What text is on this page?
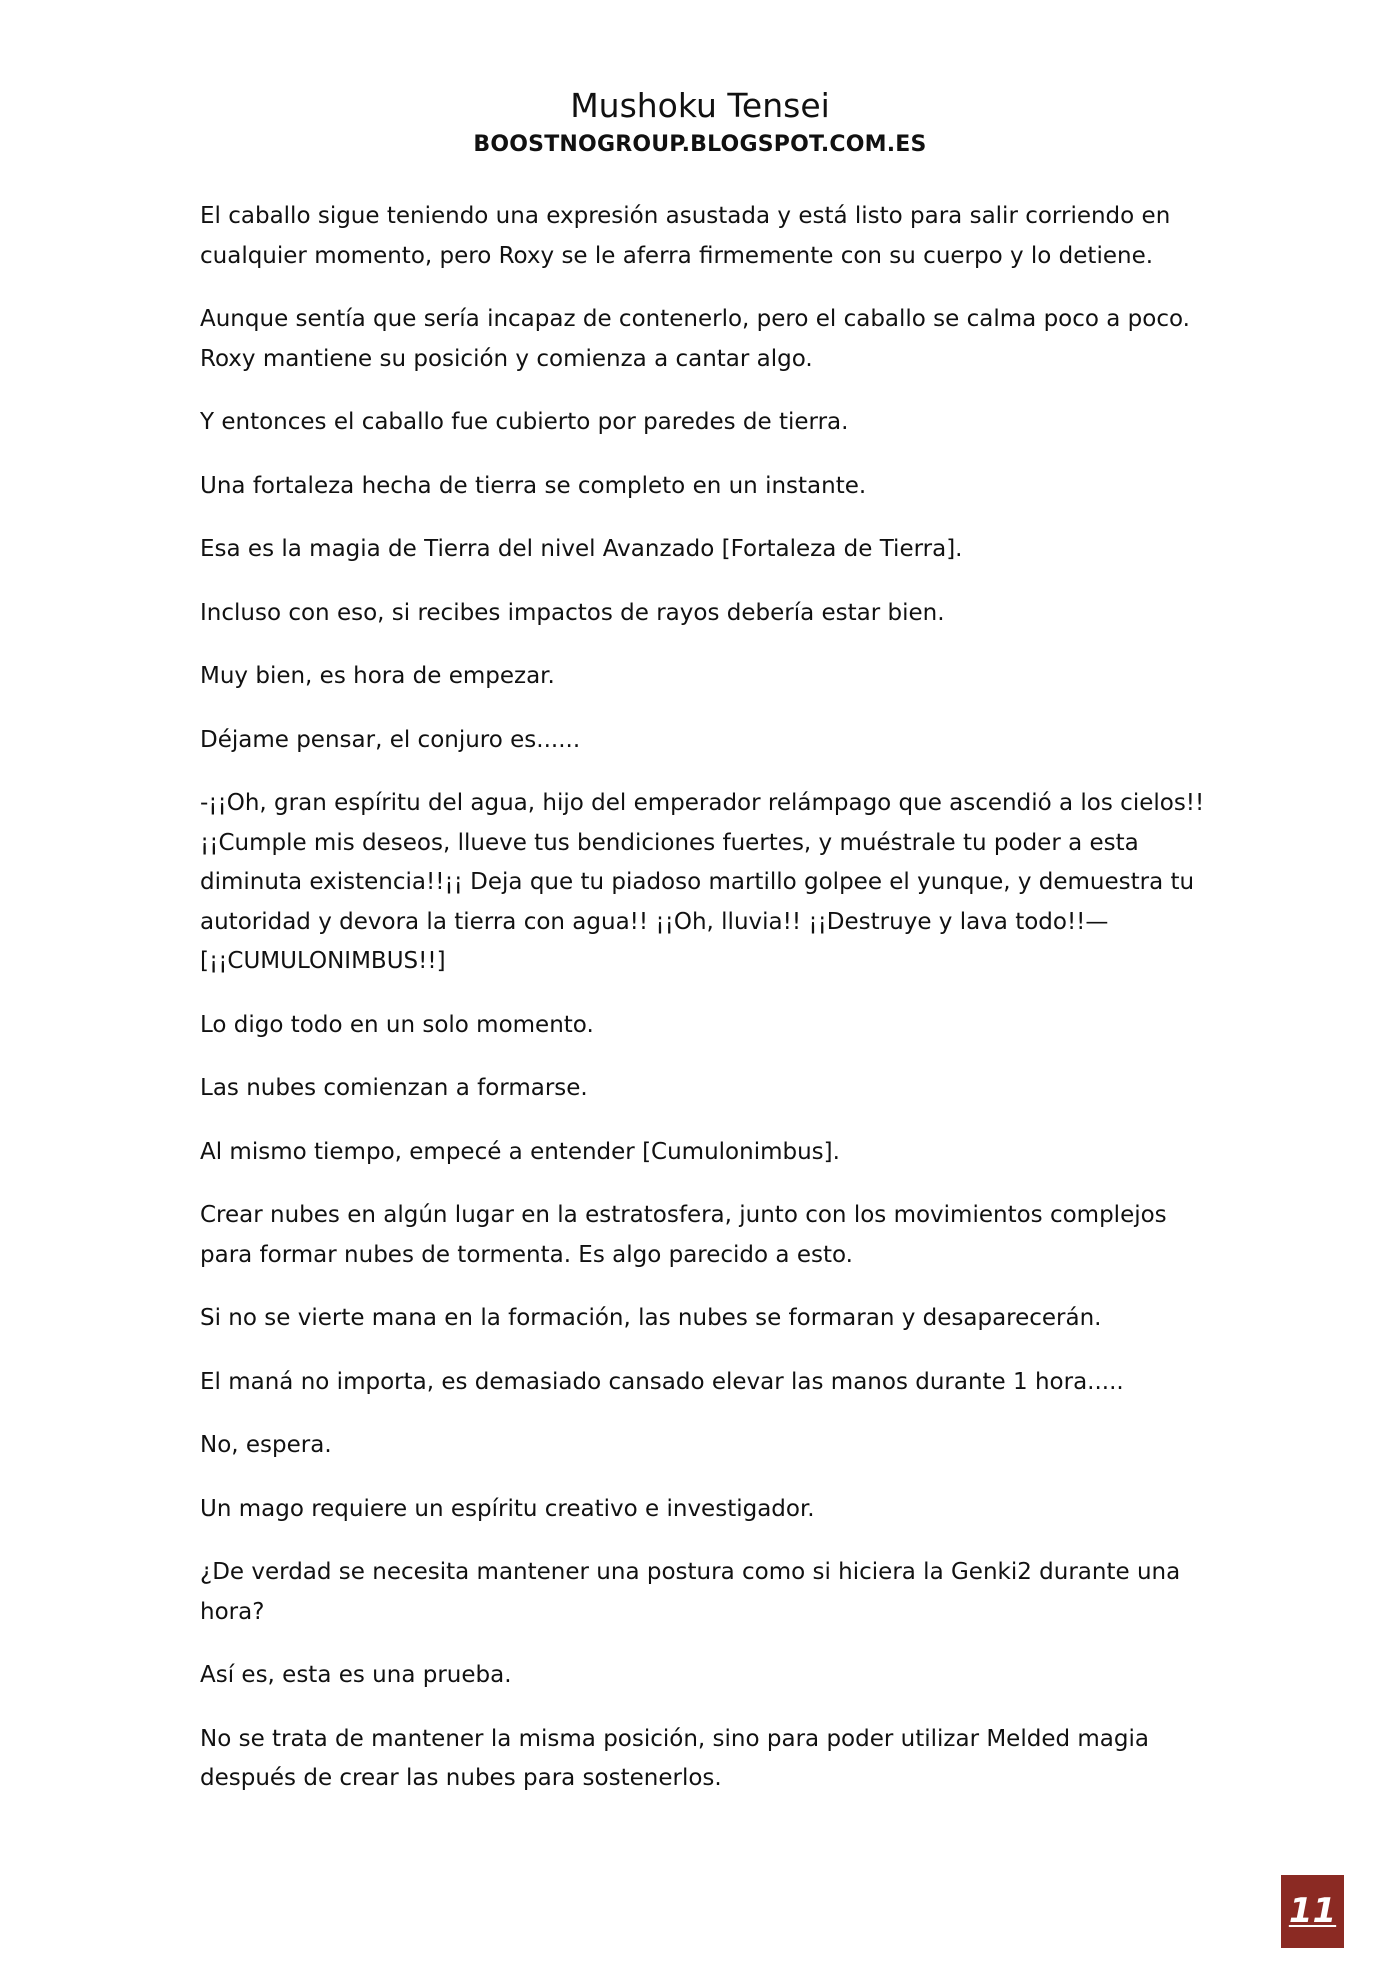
Mushoku Tensei
BOOSTNOGROUP.BLOGSPOT.COM.ES

El caballo sigue teniendo una expresión asustada y está listo para salir corriendo en cualquier momento, pero Roxy se le aferra firmemente con su cuerpo y lo detiene.

Aunque sentía que sería incapaz de contenerlo, pero el caballo se calma poco a poco. Roxy mantiene su posición y comienza a cantar algo.

Y entonces el caballo fue cubierto por paredes de tierra.

Una fortaleza hecha de tierra se completo en un instante.

Esa es la magia de Tierra del nivel Avanzado [Fortaleza de Tierra].

Incluso con eso, si recibes impactos de rayos debería estar bien.

Muy bien, es hora de empezar.

Déjame pensar, el conjuro es......

-¡¡Oh, gran espíritu del agua, hijo del emperador relámpago que ascendió a los cielos!! ¡¡Cumple mis deseos, llueve tus bendiciones fuertes, y muéstrale tu poder a esta diminuta existencia!!¡¡ Deja que tu piadoso martillo golpee el yunque, y demuestra tu autoridad y devora la tierra con agua!! ¡¡Oh, lluvia!! ¡¡Destruye y lava todo!!— [¡¡CUMULONIMBUS!!]

Lo digo todo en un solo momento.

Las nubes comienzan a formarse.

Al mismo tiempo, empecé a entender [Cumulonimbus].

Crear nubes en algún lugar en la estratosfera, junto con los movimientos complejos para formar nubes de tormenta. Es algo parecido a esto.

Si no se vierte mana en la formación, las nubes se formaran y desaparecerán.

El maná no importa, es demasiado cansado elevar las manos durante 1 hora.....

No, espera.

Un mago requiere un espíritu creativo e investigador.

¿De verdad se necesita mantener una postura como si hiciera la Genki2 durante una hora?

Así es, esta es una prueba.

No se trata de mantener la misma posición, sino para poder utilizar Melded magia después de crear las nubes para sostenerlos.

11
